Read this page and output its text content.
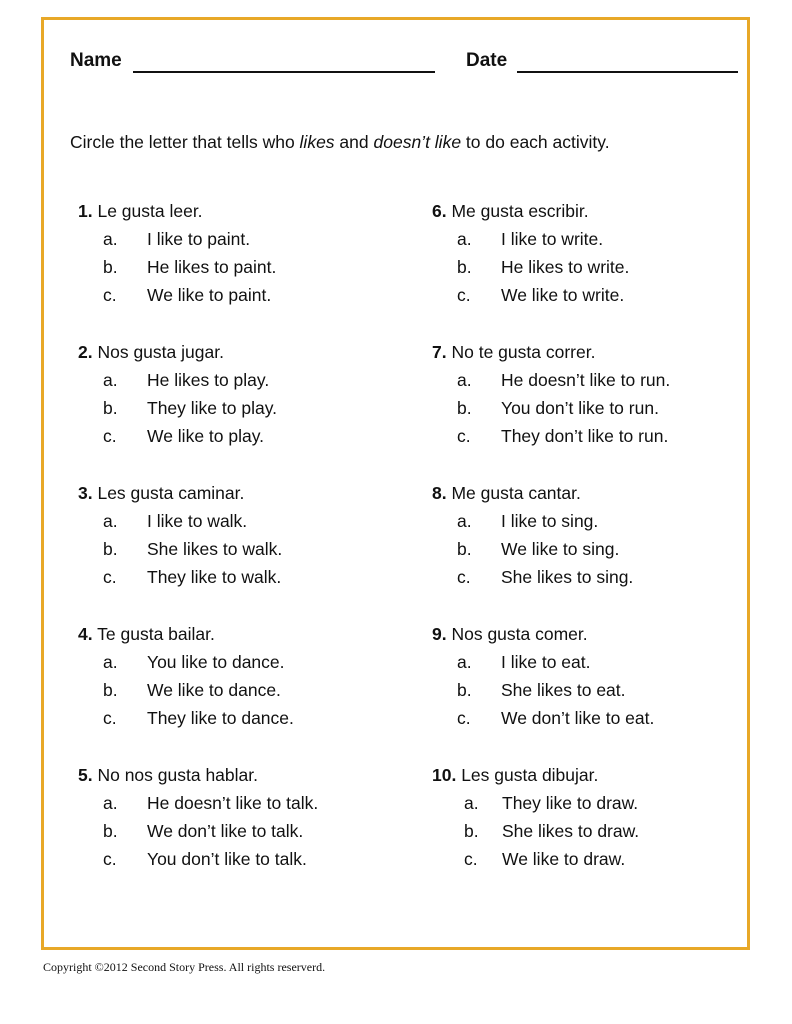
Name	Date
Circle the letter that tells who likes and doesn’t like to do each activity.
1. Le gusta leer.
a. I like to paint.
b. He likes to paint.
c. We like to paint.
2. Nos gusta jugar.
a. He likes to play.
b. They like to play.
c. We like to play.
3. Les gusta caminar.
a. I like to walk.
b. She likes to walk.
c. They like to walk.
4. Te gusta bailar.
a. You like to dance.
b. We like to dance.
c. They like to dance.
5. No nos gusta hablar.
a. He doesn’t like to talk.
b. We don’t like to talk.
c. You don’t like to talk.
6. Me gusta escribir.
a. I like to write.
b. He likes to write.
c. We like to write.
7. No te gusta correr.
a. He doesn’t like to run.
b. You don’t like to run.
c. They don’t like to run.
8. Me gusta cantar.
a. I like to sing.
b. We like to sing.
c. She likes to sing.
9. Nos gusta comer.
a. I like to eat.
b. She likes to eat.
c. We don’t like to eat.
10. Les gusta dibujar.
a. They like to draw.
b. She likes to draw.
c. We like to draw.
Copyright ©2012 Second Story Press. All rights reserverd.
